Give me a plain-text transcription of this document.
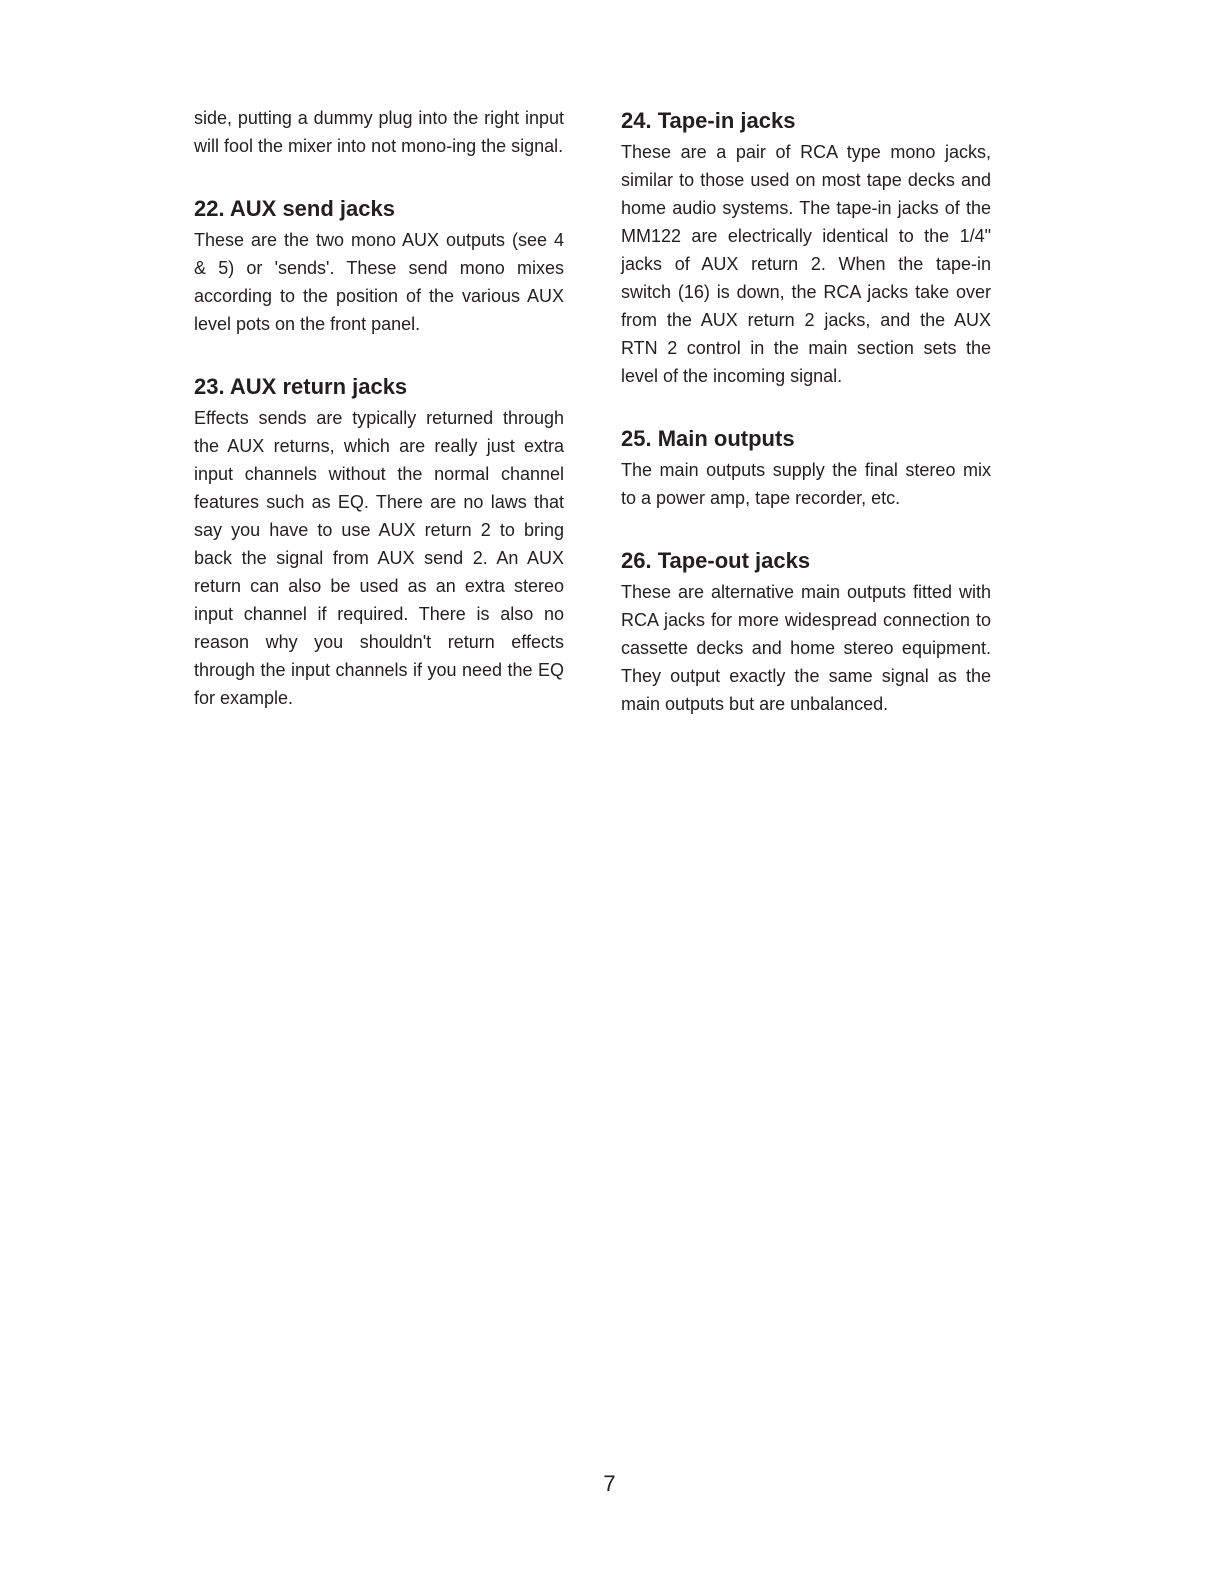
side, putting a dummy plug into the right input will fool the mixer into not mono-ing the signal.

22. AUX send jacks

These are the two mono AUX outputs (see 4 & 5) or 'sends'. These send mono mixes according to the position of the various AUX level pots on the front panel.

23. AUX return jacks

Effects sends are typically returned through the AUX returns, which are really just extra input channels without the normal channel features such as EQ. There are no laws that say you have to use AUX return 2 to bring back the signal from AUX send 2. An AUX return can also be used as an extra stereo input channel if required. There is also no reason why you shouldn't return effects through the input channels if you need the EQ for example.

24. Tape-in jacks

These are a pair of RCA type mono jacks, similar to those used on most tape decks and home audio systems. The tape-in jacks of the MM122 are electrically identical to the 1/4" jacks of AUX return 2. When the tape-in switch (16) is down, the RCA jacks take over from the AUX return 2 jacks, and the AUX RTN 2 control in the main section sets the level of the incoming signal.

25. Main outputs

The main outputs supply the final stereo mix to a power amp, tape recorder, etc.

26. Tape-out jacks

These are alternative main outputs fitted with RCA jacks for more widespread connection to cassette decks and home stereo equipment. They output exactly the same signal as the main outputs but are unbalanced.

7
